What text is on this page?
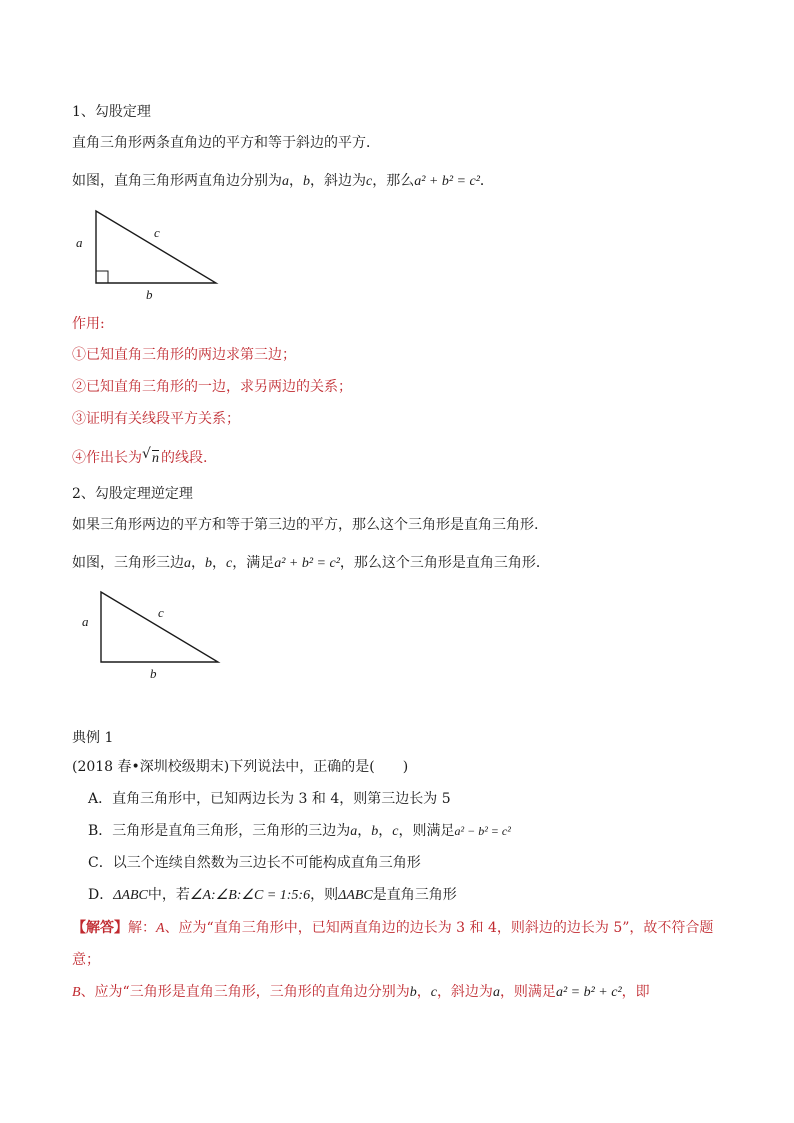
1、勾股定理
直角三角形两条直角边的平方和等于斜边的平方．
如图，直角三角形两直角边分别为a，b，斜边为c，那么a² + b² = c²．
a
c
b
作用:
①已知直角三角形的两边求第三边；
②已知直角三角形的一边，求另两边的关系；
③证明有关线段平方关系；
④作出长为 √ n 的线段.
2、勾股定理逆定理
如果三角形两边的平方和等于第三边的平方，那么这个三角形是直角三角形.
如图，三角形三边a，b，c，满足a² + b² = c²，那么这个三角形是直角三角形．
a
c
b
典例 1
(2018 春•深圳校级期末)下列说法中，正确的是(　　)
A．直角三角形中，已知两边长为 3 和 4，则第三边长为 5
B．三角形是直角三角形，三角形的三边为a，b，c，则满足a² − b² = c²
C．以三个连续自然数为三边长不可能构成直角三角形
D．ΔABC中，若∠A:∠B:∠C = 1:5:6，则ΔABC是直角三角形
【解答】解：A、应为“直角三角形中，已知两直角边的边长为 3 和 4，则斜边的边长为 5”，故不符合题
意；
B、应为“三角形是直角三角形，三角形的直角边分别为b，c，斜边为a，则满足a² = b² + c²，即
